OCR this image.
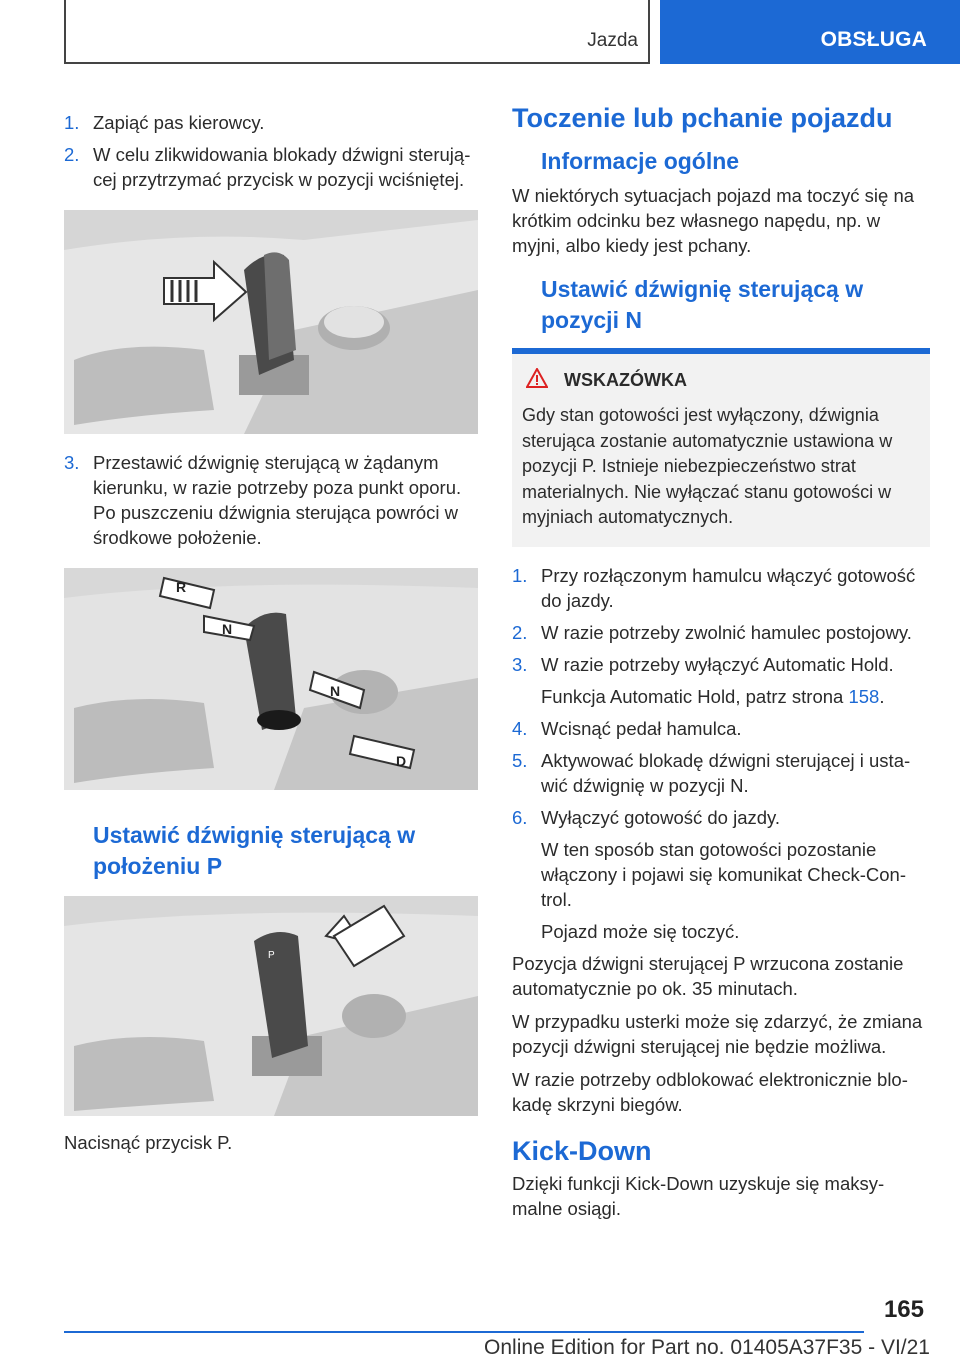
Jazda	OBSŁUGA
1. Zapiąć pas kierowcy.
2. W celu zlikwidowania blokady dźwigni sterują-cej przytrzymać przycisk w pozycji wciśniętej.
3. Przestawić dźwignię sterującą w żądanym kierunku, w razie potrzeby poza punkt oporu. Po puszczeniu dźwignia sterująca powróci w środkowe położenie.
R
N
N
D
Ustawić dźwignię sterującą w położeniu P
P
Nacisnąć przycisk P.
Toczenie lub pchanie pojazdu
Informacje ogólne
W niektórych sytuacjach pojazd ma toczyć się na krótkim odcinku bez własnego napędu, np. w myjni, albo kiedy jest pchany.
Ustawić dźwignię sterującą w pozycji N
WSKAZÓWKA
Gdy stan gotowości jest wyłączony, dźwignia sterująca zostanie automatycznie ustawiona w pozycji P. Istnieje niebezpieczeństwo strat materialnych. Nie wyłączać stanu gotowości w myjniach automatycznych.
1. Przy rozłączonym hamulcu włączyć gotowość do jazdy.
2. W razie potrzeby zwolnić hamulec postojowy.
3. W razie potrzeby wyłączyć Automatic Hold.
Funkcja Automatic Hold, patrz strona 158.
4. Wcisnąć pedał hamulca.
5. Aktywować blokadę dźwigni sterującej i usta-wić dźwignię w pozycji N.
6. Wyłączyć gotowość do jazdy.
W ten sposób stan gotowości pozostanie włączony i pojawi się komunikat Check-Con-trol.
Pojazd może się toczyć.
Pozycja dźwigni sterującej P wrzucona zostanie automatycznie po ok. 35 minutach.
W przypadku usterki może się zdarzyć, że zmiana pozycji dźwigni sterującej nie będzie możliwa.
W razie potrzeby odblokować elektronicznie blo-kadę skrzyni biegów.
Kick-Down
Dzięki funkcji Kick-Down uzyskuje się maksy-malne osiągi.
165
Online Edition for Part no. 01405A37F35 - VI/21
